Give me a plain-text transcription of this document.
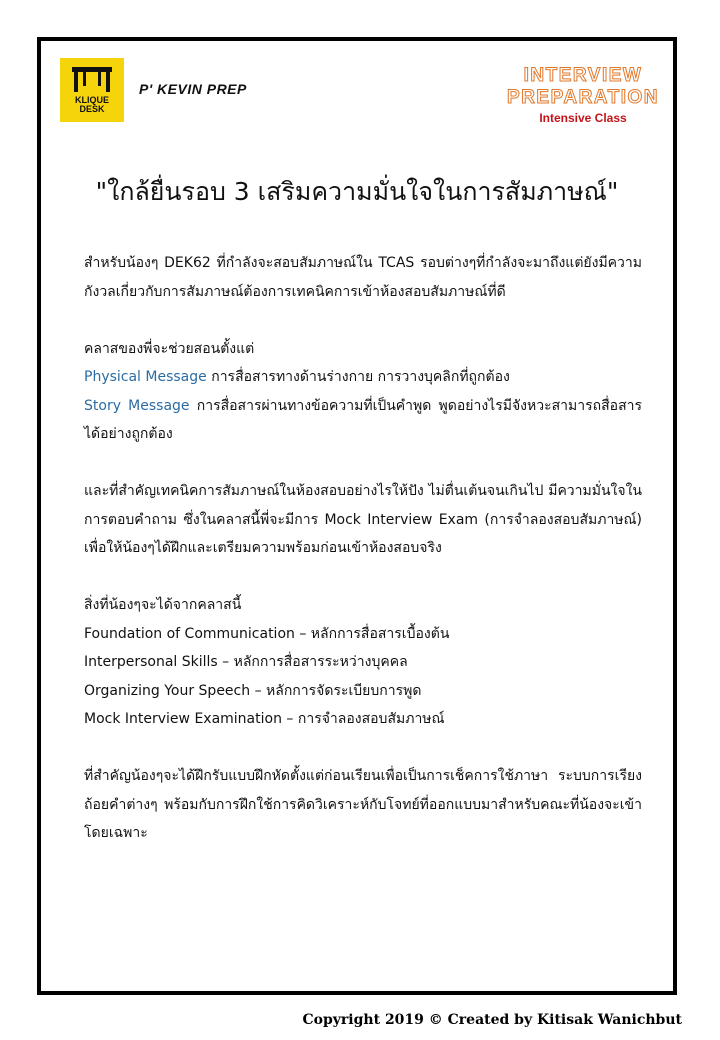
KLIQUE
DESK
P' KEVIN PREP
INTERVIEW
PREPARATION
Intensive Class
"ใกล้ยื่นรอบ 3 เสริมความมั่นใจในการสัมภาษณ์"

สำหรับน้องๆ DEK62 ที่กำลังจะสอบสัมภาษณ์ใน TCAS รอบต่างๆที่กำลังจะมาถึงแต่ยังมีความกังวลเกี่ยวกับการสัมภาษณ์ต้องการเทคนิคการเข้าห้องสอบสัมภาษณ์ที่ดี

คลาสของพี่จะช่วยสอนตั้งแต่

Physical Message การสื่อสารทางด้านร่างกาย การวางบุคลิกที่ถูกต้อง

Story Message การสื่อสารผ่านทางข้อความที่เป็นคำพูด พูดอย่างไรมีจังหวะสามารถสื่อสารได้อย่างถูกต้อง

และที่สำคัญเทคนิคการสัมภาษณ์ในห้องสอบอย่างไรให้ปัง ไม่ตื่นเต้นจนเกินไป มีความมั่นใจในการตอบคำถาม ซึ่งในคลาสนี้พี่จะมีการ Mock Interview Exam (การจำลองสอบสัมภาษณ์) เพื่อให้น้องๆได้ฝึกและเตรียมความพร้อมก่อนเข้าห้องสอบจริง

สิ่งที่น้องๆจะได้จากคลาสนี้

Foundation of Communication – หลักการสื่อสารเบื้องต้น

Interpersonal Skills – หลักการสื่อสารระหว่างบุคคล

Organizing Your Speech – หลักการจัดระเบียบการพูด

Mock Interview Examination – การจำลองสอบสัมภาษณ์

ที่สำคัญน้องๆจะได้ฝึกรับแบบฝึกหัดตั้งแต่ก่อนเรียนเพื่อเป็นการเช็คการใช้ภาษา ระบบการเรียงถ้อยคำต่างๆ พร้อมกับการฝึกใช้การคิดวิเคราะห์กับโจทย์ที่ออกแบบมาสำหรับคณะที่น้องจะเข้าโดยเฉพาะ

Copyright 2019 © Created by Kitisak Wanichbut
